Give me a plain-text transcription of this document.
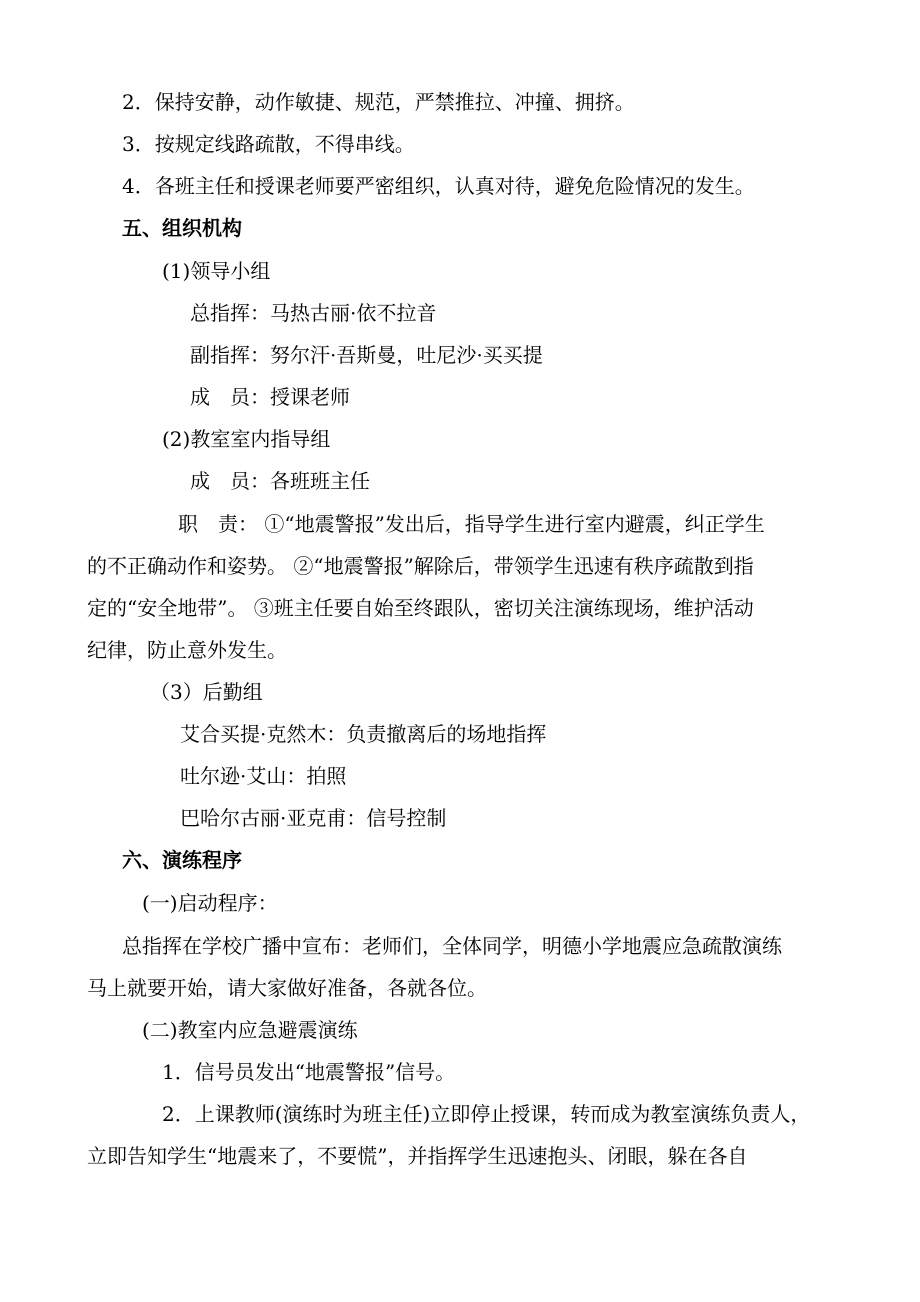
2．保持安静，动作敏捷、规范，严禁推拉、冲撞、拥挤。

3．按规定线路疏散，不得串线。

4．各班主任和授课老师要严密组织，认真对待，避免危险情况的发生。

五、组织机构

(1)领导小组

总指挥：马热古丽·依不拉音

副指挥：努尔汗·吾斯曼，吐尼沙·买买提

成　员：授课老师

(2)教室室内指导组

成　员：各班班主任

职　责： ①“地震警报”发出后，指导学生进行室内避震，纠正学生

的不正确动作和姿势。 ②“地震警报”解除后，带领学生迅速有秩序疏散到指

定的“安全地带”。 ③班主任要自始至终跟队，密切关注演练现场，维护活动

纪律，防止意外发生。

（3）后勤组

艾合买提·克然木：负责撤离后的场地指挥

吐尔逊·艾山：拍照

巴哈尔古丽·亚克甫：信号控制

六、演练程序

(一)启动程序：

总指挥在学校广播中宣布：老师们，全体同学，明德小学地震应急疏散演练

马上就要开始，请大家做好准备，各就各位。

(二)教室内应急避震演练

1．信号员发出“地震警报”信号。

2．上课教师(演练时为班主任)立即停止授课，转而成为教室演练负责人，

立即告知学生“地震来了，不要慌”，并指挥学生迅速抱头、闭眼，躲在各自
